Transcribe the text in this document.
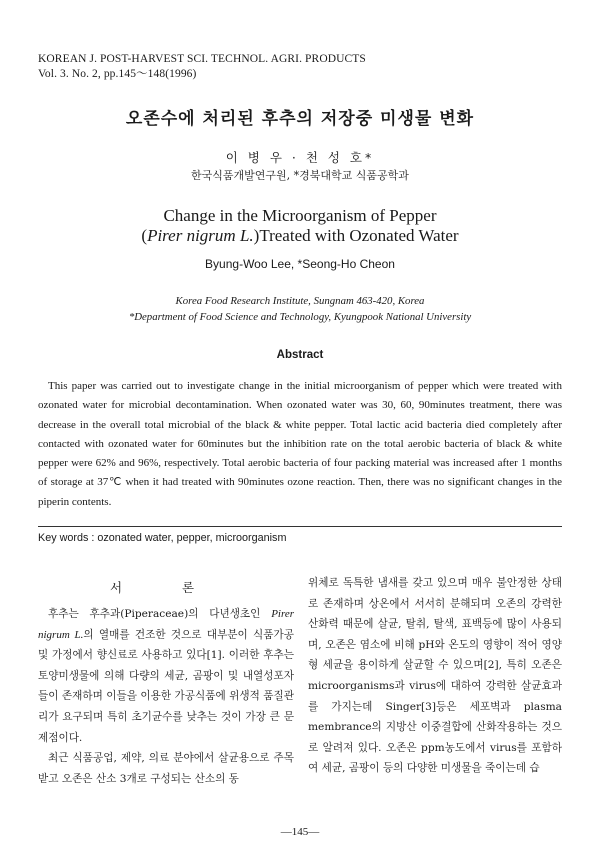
KOREAN J. POST-HARVEST SCI. TECHNOL. AGRI. PRODUCTS
Vol. 3. No. 2, pp.145～148(1996)
오존수에 처리된 후추의 저장중 미생물 변화
이 병 우 · 천 성 호*
한국식품개발연구원, *경북대학교 식품공학과
Change in the Microorganism of Pepper
(Pirer nigrum L.)Treated with Ozonated Water
Byung-Woo Lee, *Seong-Ho Cheon
Korea Food Research Institute, Sungnam 463-420, Korea
*Department of Food Science and Technology, Kyungpook National University
Abstract

This paper was carried out to investigate change in the initial microorganism of pepper which were treated with ozonated water for microbial decontamination. When ozonated water was 30, 60, 90minutes treatment, there was decrease in the overall total microbial of the black & white pepper. Total lactic acid bacteria died completely after contacted with ozonated water for 60minutes but the inhibition rate on the total aerobic bacteria of black & white pepper were 62% and 96%, respectively. Total aerobic bacteria of four packing material was increased after 1 months of storage at 37℃ when it had treated with 90minutes ozone reaction. Then, there was no significant changes in the piperin contents.

Key words : ozonated water, pepper, microorganism
서 론

후추는 후추과(Piperaceae)의 다년생초인 Pirer nigrum L.의 열매를 건조한 것으로 대부분이 식품가공 및 가정에서 향신료로 사용하고 있다[1]. 이러한 후추는 토양미생물에 의해 다량의 세균, 곰팡이 및 내열성포자들이 존재하며 이들을 이용한 가공식품에 위생적 품질관리가 요구되며 특히 초기균수를 낮추는 것이 가장 큰 문제점이다.

최근 식품공업, 제약, 의료 분야에서 살균용으로 주목받고 오존은 산소 3개로 구성되는 산소의 동

위체로 독특한 냄새를 갖고 있으며 매우 불안정한 상태로 존재하며 상온에서 서서히 분해되며 오존의 강력한 산화력 때문에 살균, 탈취, 탈색, 표백등에 많이 사용되며, 오존은 염소에 비해 pH와 온도의 영향이 적어 영양형 세균을 용이하게 살균할 수 있으며[2], 특히 오존은 microorganisms과 virus에 대하여 강력한 살균효과를 가지는데 Singer[3]등은 세포벽과 plasma membrance의 지방산 이중결합에 산화작용하는 것으로 알려져 있다. 오존은 ppm농도에서 virus를 포함하여 세균, 곰팡이 등의 다양한 미생물을 죽이는데 습

—145—
